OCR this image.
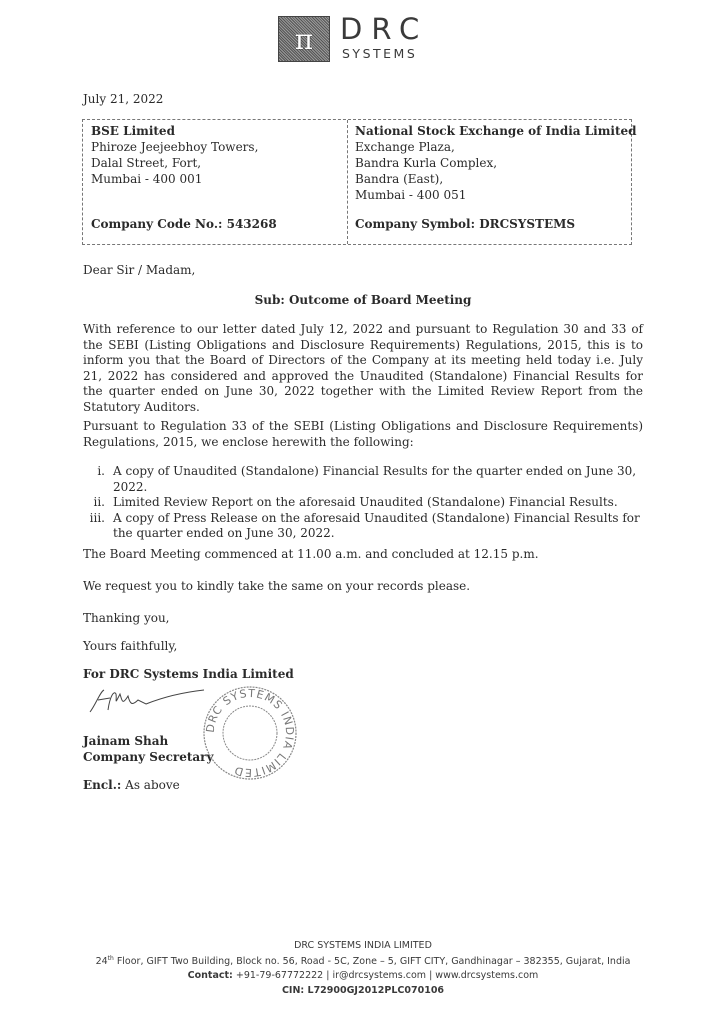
π DRC
SYSTEMS
July 21, 2022
BSE Limited
Phiroze Jeejeebhoy Towers,
Dalal Street, Fort,
Mumbai - 400 001
Company Code No.: 543268
National Stock Exchange of India Limited
Exchange Plaza,
Bandra Kurla Complex,
Bandra (East),
Mumbai - 400 051
Company Symbol: DRCSYSTEMS
Dear Sir / Madam,
Sub: Outcome of Board Meeting
With reference to our letter dated July 12, 2022 and pursuant to Regulation 30 and 33 of the SEBI (Listing Obligations and Disclosure Requirements) Regulations, 2015, this is to inform you that the Board of Directors of the Company at its meeting held today i.e. July 21, 2022 has considered and approved the Unaudited (Standalone) Financial Results for the quarter ended on June 30, 2022 together with the Limited Review Report from the Statutory Auditors.
Pursuant to Regulation 33 of the SEBI (Listing Obligations and Disclosure Requirements) Regulations, 2015, we enclose herewith the following:
i. A copy of Unaudited (Standalone) Financial Results for the quarter ended on June 30, 2022.
ii. Limited Review Report on the aforesaid Unaudited (Standalone) Financial Results.
iii. A copy of Press Release on the aforesaid Unaudited (Standalone) Financial Results for the quarter ended on June 30, 2022.
The Board Meeting commenced at 11.00 a.m. and concluded at 12.15 p.m.
We request you to kindly take the same on your records please.
Thanking you,
Yours faithfully,
For DRC Systems India Limited
Jainam Shah
Company Secretary
DRC SYSTEMS INDIA LIMITED
Encl.: As above
DRC SYSTEMS INDIA LIMITED
24th Floor, GIFT Two Building, Block no. 56, Road - 5C, Zone – 5, GIFT CITY, Gandhinagar – 382355, Gujarat, India
Contact: +91-79-67772222 | ir@drcsystems.com | www.drcsystems.com
CIN: L72900GJ2012PLC070106
